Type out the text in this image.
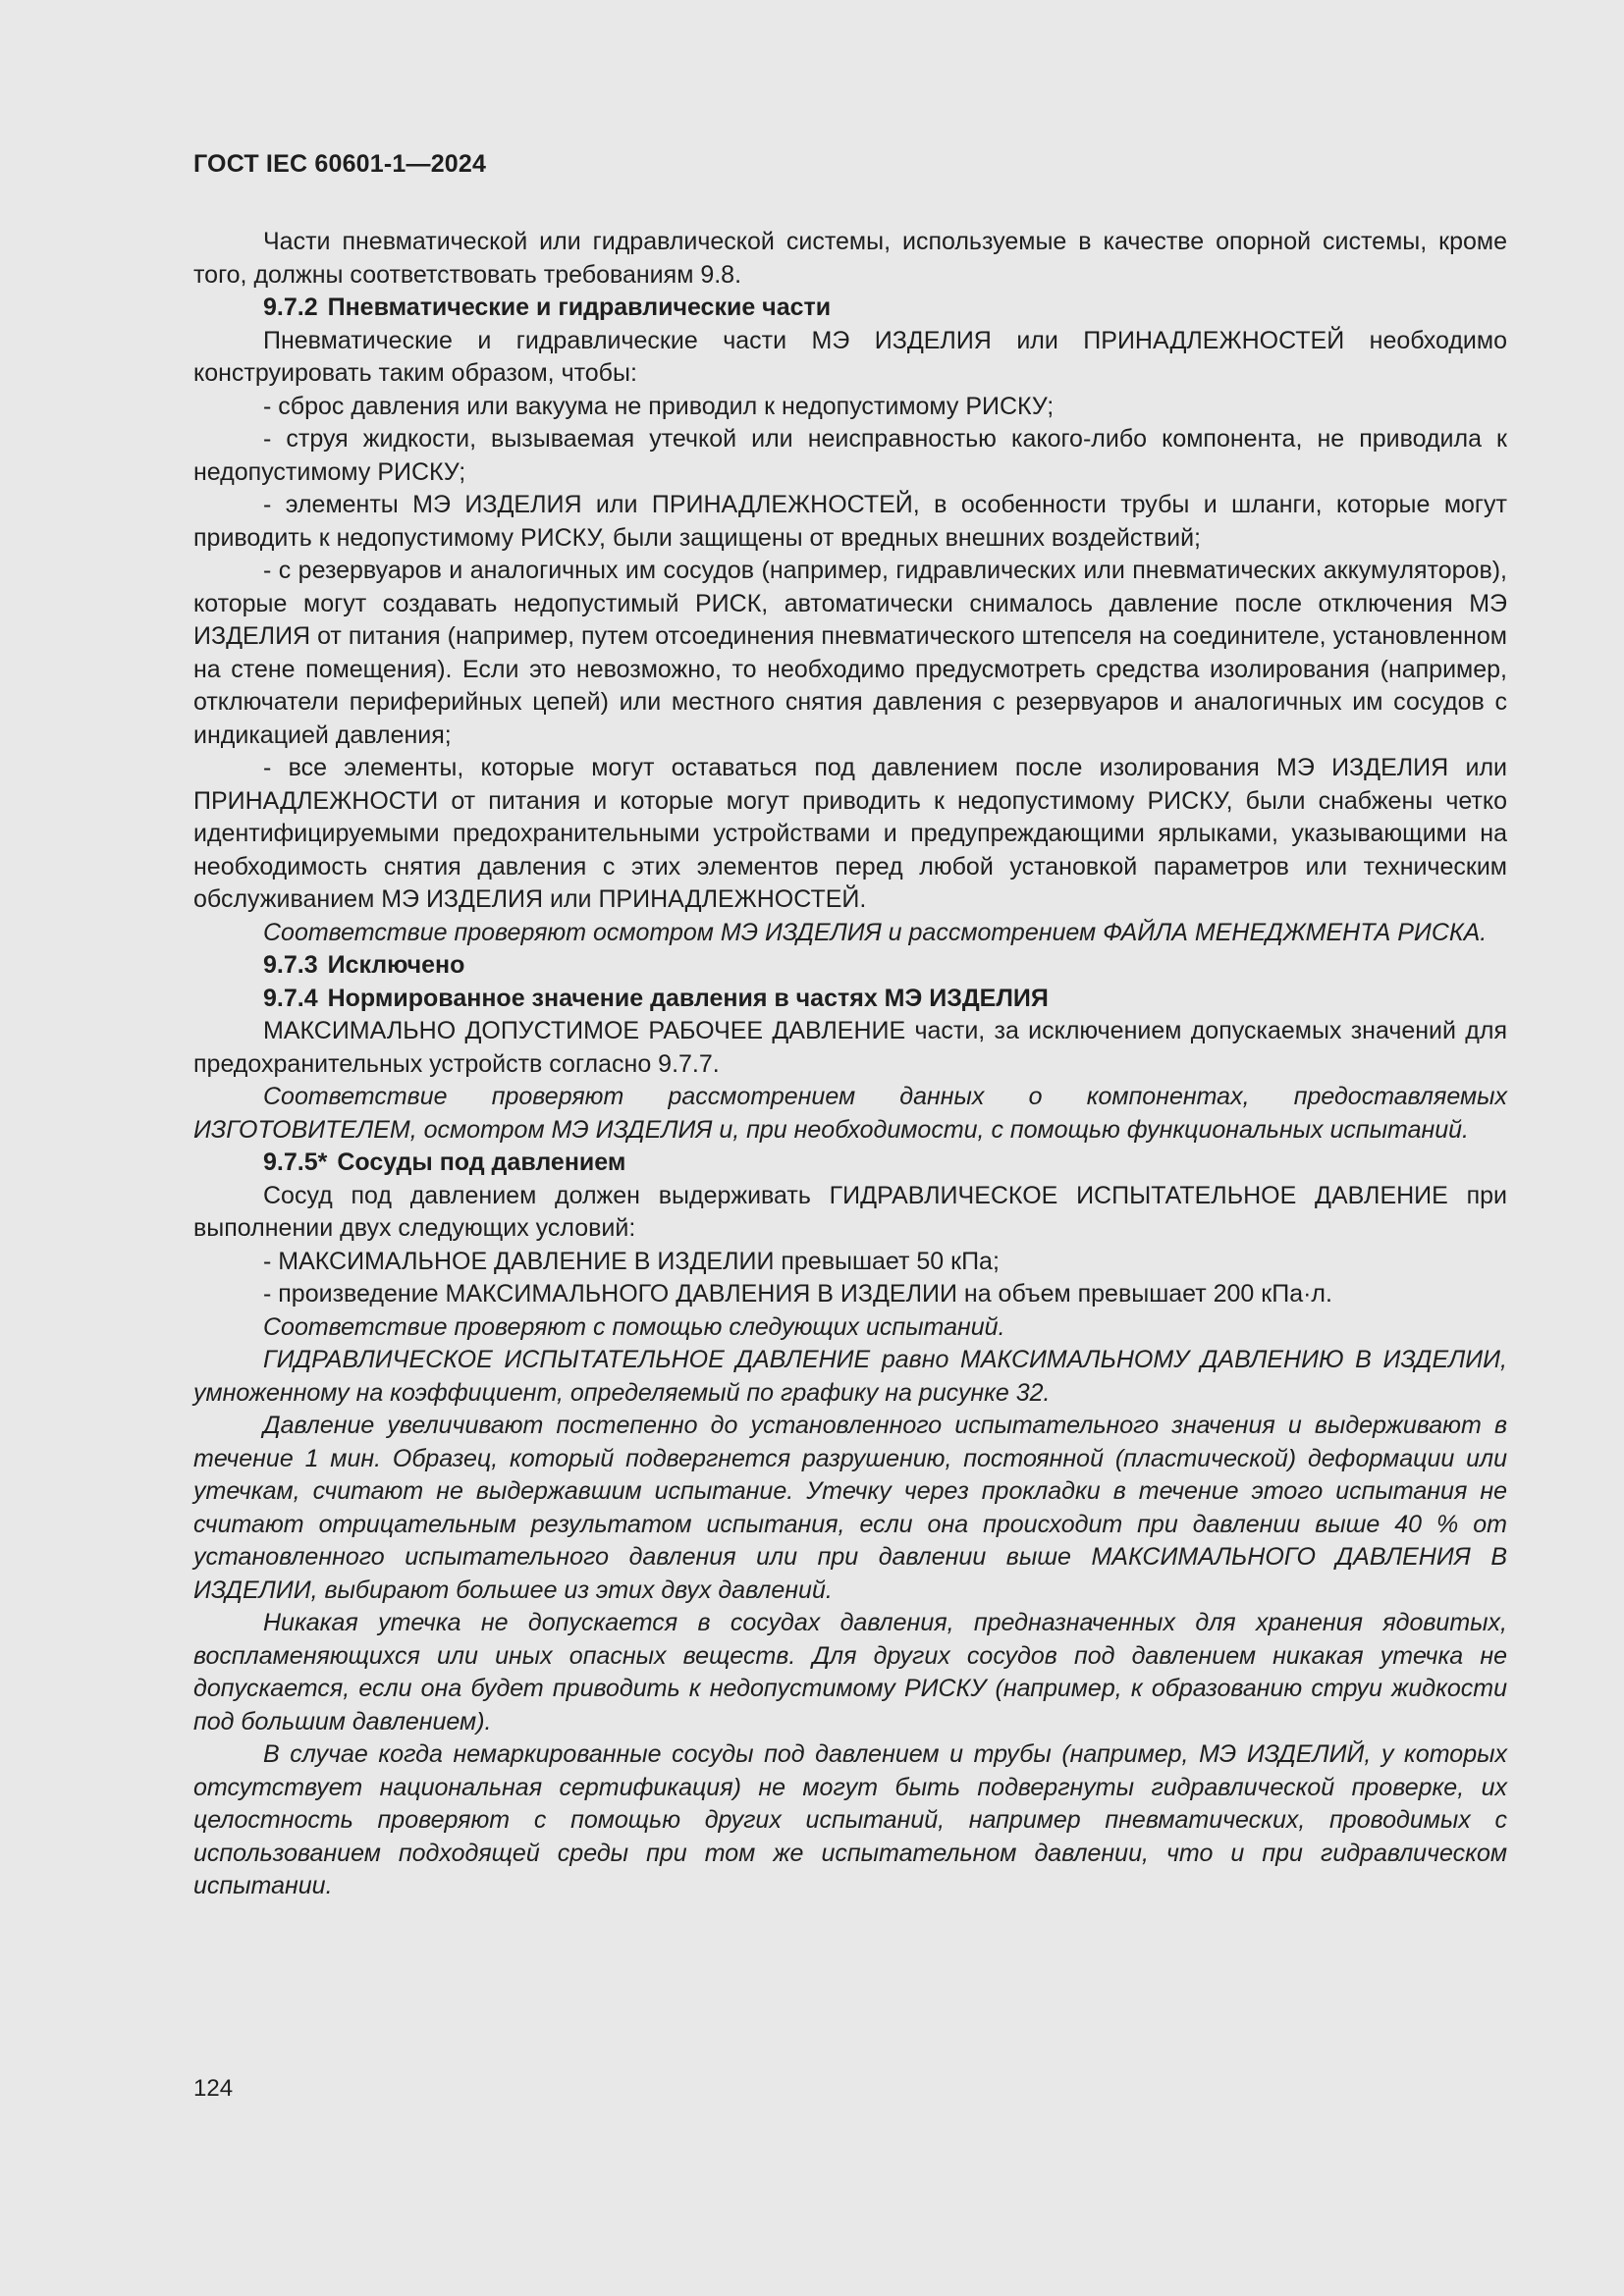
ГОСТ IEC 60601-1—2024

Части пневматической или гидравлической системы, используемые в качестве опорной системы, кроме того, должны соответствовать требованиям 9.8.

9.7.2 Пневматические и гидравлические части

Пневматические и гидравлические части МЭ ИЗДЕЛИЯ или ПРИНАДЛЕЖНОСТЕЙ необходимо конструировать таким образом, чтобы:

- сброс давления или вакуума не приводил к недопустимому РИСКУ;

- струя жидкости, вызываемая утечкой или неисправностью какого-либо компонента, не приводила к недопустимому РИСКУ;

- элементы МЭ ИЗДЕЛИЯ или ПРИНАДЛЕЖНОСТЕЙ, в особенности трубы и шланги, которые могут приводить к недопустимому РИСКУ, были защищены от вредных внешних воздействий;

- с резервуаров и аналогичных им сосудов (например, гидравлических или пневматических аккумуляторов), которые могут создавать недопустимый РИСК, автоматически снималось давление после отключения МЭ ИЗДЕЛИЯ от питания (например, путем отсоединения пневматического штепселя на соединителе, установленном на стене помещения). Если это невозможно, то необходимо предусмотреть средства изолирования (например, отключатели периферийных цепей) или местного снятия давления с резервуаров и аналогичных им сосудов с индикацией давления;

- все элементы, которые могут оставаться под давлением после изолирования МЭ ИЗДЕЛИЯ или ПРИНАДЛЕЖНОСТИ от питания и которые могут приводить к недопустимому РИСКУ, были снабжены четко идентифицируемыми предохранительными устройствами и предупреждающими ярлыками, указывающими на необходимость снятия давления с этих элементов перед любой установкой параметров или техническим обслуживанием МЭ ИЗДЕЛИЯ или ПРИНАДЛЕЖНОСТЕЙ.

Соответствие проверяют осмотром МЭ ИЗДЕЛИЯ и рассмотрением ФАЙЛА МЕНЕДЖМЕНТА РИСКА.

9.7.3 Исключено

9.7.4 Нормированное значение давления в частях МЭ ИЗДЕЛИЯ

МАКСИМАЛЬНО ДОПУСТИМОЕ РАБОЧЕЕ ДАВЛЕНИЕ части, за исключением допускаемых значений для предохранительных устройств согласно 9.7.7.

Соответствие проверяют рассмотрением данных о компонентах, предоставляемых ИЗГОТОВИТЕЛЕМ, осмотром МЭ ИЗДЕЛИЯ и, при необходимости, с помощью функциональных испытаний.

9.7.5* Сосуды под давлением

Сосуд под давлением должен выдерживать ГИДРАВЛИЧЕСКОЕ ИСПЫТАТЕЛЬНОЕ ДАВЛЕНИЕ при выполнении двух следующих условий:

- МАКСИМАЛЬНОЕ ДАВЛЕНИЕ В ИЗДЕЛИИ превышает 50 кПа;

- произведение МАКСИМАЛЬНОГО ДАВЛЕНИЯ В ИЗДЕЛИИ на объем превышает 200 кПа·л.

Соответствие проверяют с помощью следующих испытаний.

ГИДРАВЛИЧЕСКОЕ ИСПЫТАТЕЛЬНОЕ ДАВЛЕНИЕ равно МАКСИМАЛЬНОМУ ДАВЛЕНИЮ В ИЗДЕЛИИ, умноженному на коэффициент, определяемый по графику на рисунке 32.

Давление увеличивают постепенно до установленного испытательного значения и выдерживают в течение 1 мин. Образец, который подвергнется разрушению, постоянной (пластической) деформации или утечкам, считают не выдержавшим испытание. Утечку через прокладки в течение этого испытания не считают отрицательным результатом испытания, если она происходит при давлении выше 40 % от установленного испытательного давления или при давлении выше МАКСИМАЛЬНОГО ДАВЛЕНИЯ В ИЗДЕЛИИ, выбирают большее из этих двух давлений.

Никакая утечка не допускается в сосудах давления, предназначенных для хранения ядовитых, воспламеняющихся или иных опасных веществ. Для других сосудов под давлением никакая утечка не допускается, если она будет приводить к недопустимому РИСКУ (например, к образованию струи жидкости под большим давлением).

В случае когда немаркированные сосуды под давлением и трубы (например, МЭ ИЗДЕЛИЙ, у которых отсутствует национальная сертификация) не могут быть подвергнуты гидравлической проверке, их целостность проверяют с помощью других испытаний, например пневматических, проводимых с использованием подходящей среды при том же испытательном давлении, что и при гидравлическом испытании.

124
